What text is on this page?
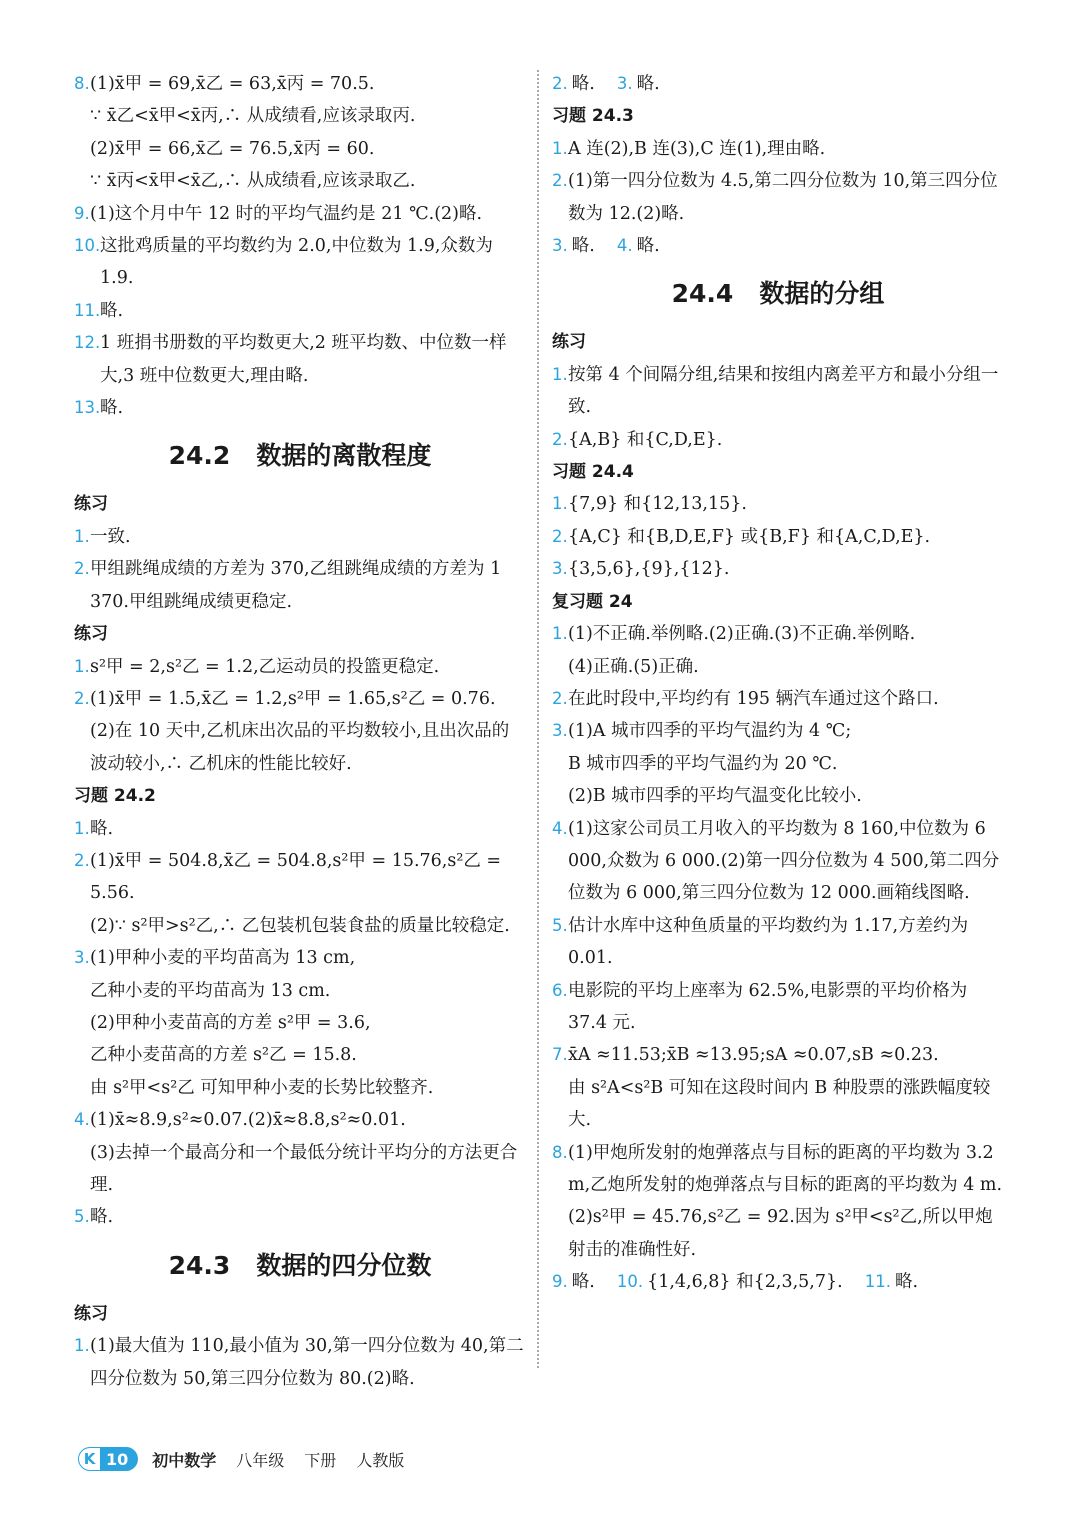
8. (1)x̄甲 = 69,x̄乙 = 63,x̄丙 = 70.5.
∵ x̄乙<x̄甲<x̄丙,∴ 从成绩看,应该录取丙.
(2)x̄甲 = 66,x̄乙 = 76.5,x̄丙 = 60.
∵ x̄丙<x̄甲<x̄乙,∴ 从成绩看,应该录取乙.
9. (1)这个月中午 12 时的平均气温约是 21 ℃.(2)略.
10. 这批鸡质量的平均数约为 2.0,中位数为 1.9,众数为 1.9.
11. 略.
12. 1 班捐书册数的平均数更大,2 班平均数、中位数一样大,3 班中位数更大,理由略.
13. 略.
24.2 数据的离散程度
练习
1. 一致.
2. 甲组跳绳成绩的方差为 370,乙组跳绳成绩的方差为 1 370.甲组跳绳成绩更稳定.
练习
1. s²甲 = 2,s²乙 = 1.2,乙运动员的投篮更稳定.
2. (1)x̄甲 = 1.5,x̄乙 = 1.2,s²甲 = 1.65,s²乙 = 0.76.
(2)在 10 天中,乙机床出次品的平均数较小,且出次品的波动较小,∴ 乙机床的性能比较好.
习题 24.2
1. 略.
2. (1)x̄甲 = 504.8,x̄乙 = 504.8,s²甲 = 15.76,s²乙 = 5.56.
(2)∵ s²甲>s²乙,∴ 乙包装机包装食盐的质量比较稳定.
3. (1)甲种小麦的平均苗高为 13 cm,
乙种小麦的平均苗高为 13 cm.
(2)甲种小麦苗高的方差 s²甲 = 3.6,
乙种小麦苗高的方差 s²乙 = 15.8.
由 s²甲<s²乙 可知甲种小麦的长势比较整齐.
4. (1)x̄≈8.9,s²≈0.07.(2)x̄≈8.8,s²≈0.01.
(3)去掉一个最高分和一个最低分统计平均分的方法更合理.
5. 略.
24.3 数据的四分位数
练习
1. (1)最大值为 110,最小值为 30,第一四分位数为 40,第二四分位数为 50,第三四分位数为 80.(2)略.
2. 略. 3. 略.
习题 24.3
1. A 连(2),B 连(3),C 连(1),理由略.
2. (1)第一四分位数为 4.5,第二四分位数为 10,第三四分位数为 12.(2)略.
3. 略. 4. 略.
24.4 数据的分组
练习
1. 按第 4 个间隔分组,结果和按组内离差平方和最小分组一致.
2. {A,B} 和{C,D,E}.
习题 24.4
1. {7,9} 和{12,13,15}.
2. {A,C} 和{B,D,E,F} 或{B,F} 和{A,C,D,E}.
3. {3,5,6},{9},{12}.
复习题 24
1. (1)不正确.举例略.(2)正确.(3)不正确.举例略.
(4)正确.(5)正确.
2. 在此时段中,平均约有 195 辆汽车通过这个路口.
3. (1)A 城市四季的平均气温约为 4 ℃;
B 城市四季的平均气温约为 20 ℃.
(2)B 城市四季的平均气温变化比较小.
4. (1)这家公司员工月收入的平均数为 8 160,中位数为 6 000,众数为 6 000.(2)第一四分位数为 4 500,第二四分位数为 6 000,第三四分位数为 12 000.画箱线图略.
5. 估计水库中这种鱼质量的平均数约为 1.17,方差约为 0.01.
6. 电影院的平均上座率为 62.5%,电影票的平均价格为 37.4 元.
7. x̄A ≈11.53;x̄B ≈13.95;sA ≈0.07,sB ≈0.23.
由 s²A<s²B 可知在这段时间内 B 种股票的涨跌幅度较大.
8. (1)甲炮所发射的炮弹落点与目标的距离的平均数为 3.2 m,乙炮所发射的炮弹落点与目标的距离的平均数为 4 m.
(2)s²甲 = 45.76,s²乙 = 92.因为 s²甲<s²乙,所以甲炮射击的准确性好.
9. 略. 10. {1,4,6,8} 和{2,3,5,7}. 11. 略.
K 10	初中数学 八年级 下册 人教版
